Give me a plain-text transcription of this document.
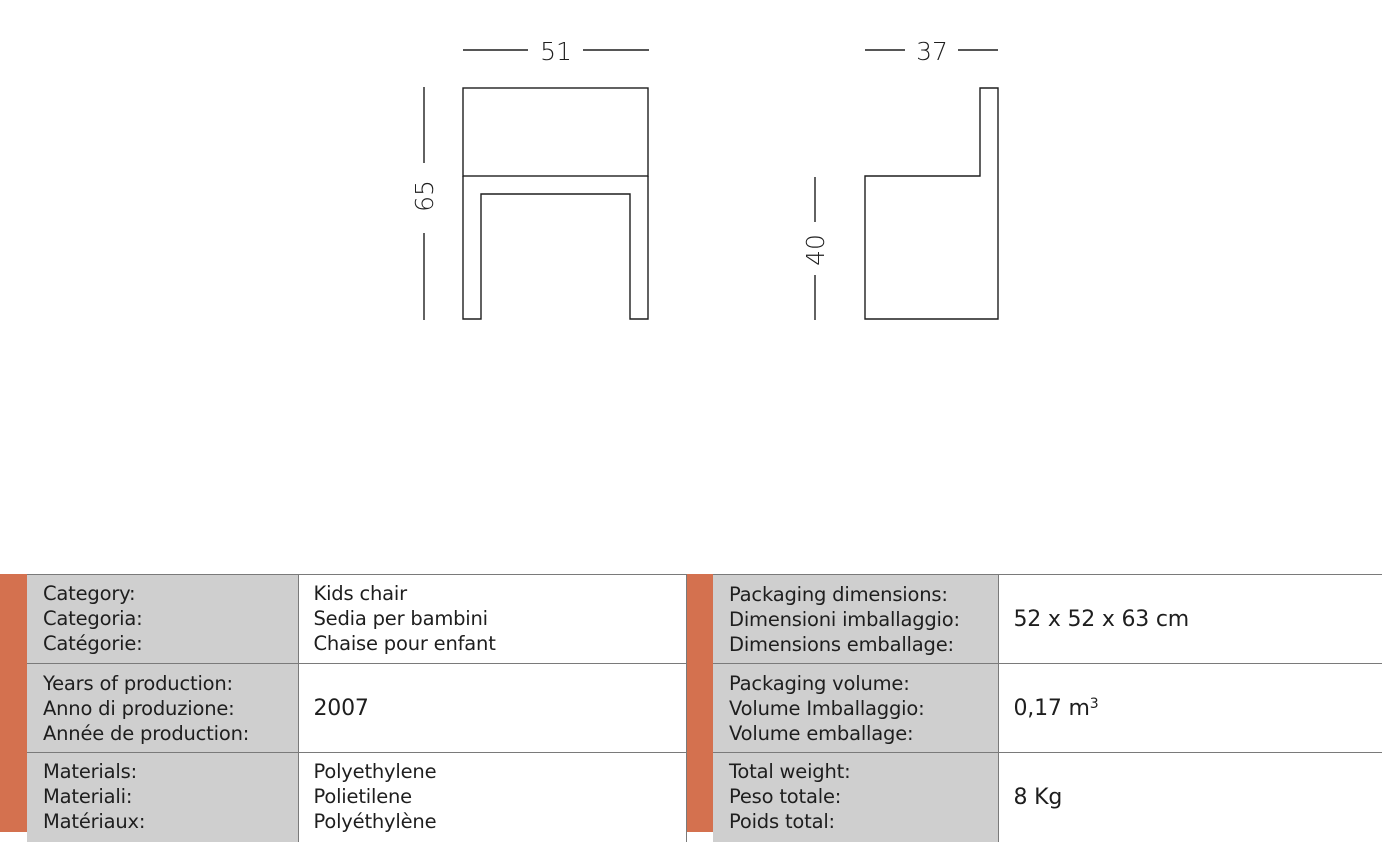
51
65
37
40
Category:
Categoria:
Catégorie:	Kids chair
Sedia per bambini
Chaise pour enfant

Years of production:
Anno di produzione:
Année de production:	2007

Materials:
Materiali:
Matériaux:	Polyethylene
Polietilene
Polyéthylène
Packaging dimensions:
Dimensioni imballaggio:
Dimensions emballage:	52 x 52 x 63 cm

Packaging volume:
Volume Imballaggio:
Volume emballage:	0,17 $m^3$

Total weight:
Peso totale:
Poids total:	8 Kg
